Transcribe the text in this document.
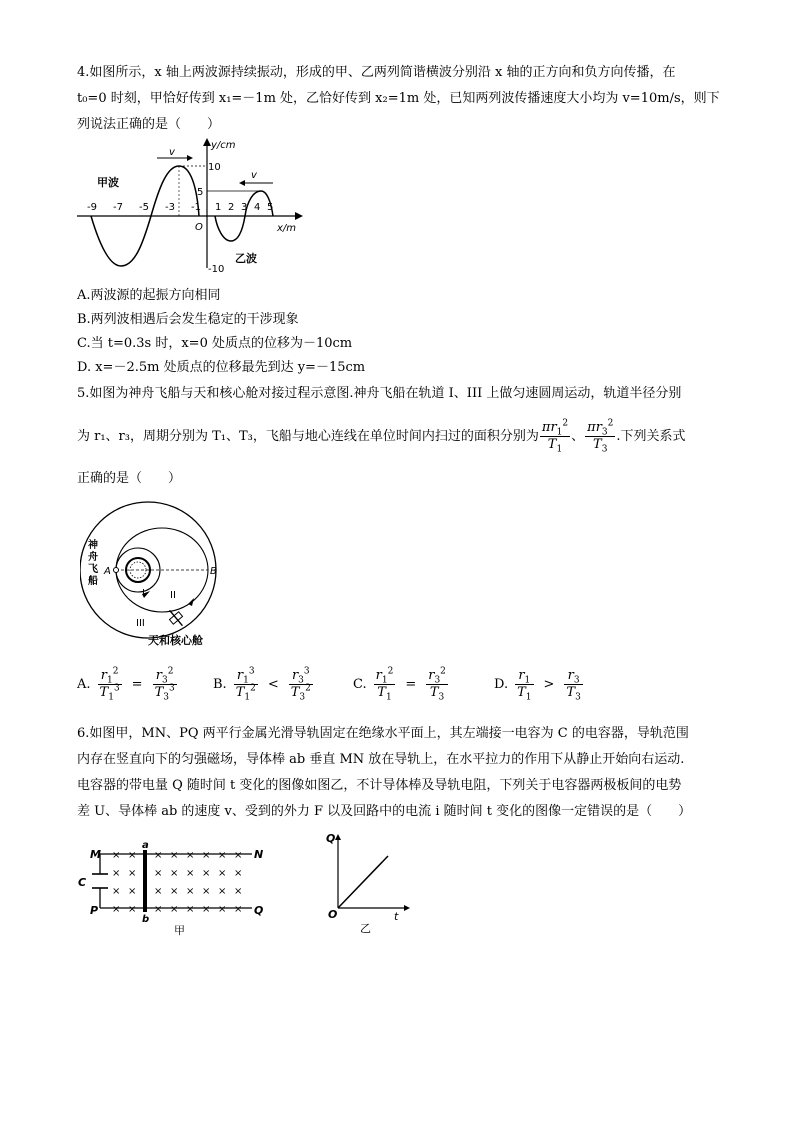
4.如图所示，x 轴上两波源持续振动，形成的甲、乙两列简谐横波分别沿 x 轴的正方向和负方向传播，在
t₀=0 时刻，甲恰好传到 x₁=－1m 处，乙恰好传到 x₂=1m 处，已知两列波传播速度大小均为 v=10m/s，则下
列说法正确的是（　　）
v
v
y/cm
x/m
O
10
5
-10
-9 -7 -5 -3 -1 1 2 3 4 5
甲波
乙波
A.两波源的起振方向相同
B.两列波相遇后会发生稳定的干涉现象
C.当 t=0.3s 时，x=0 处质点的位移为－10cm
D. x=－2.5m 处质点的位移最先到达 y=－15cm
5.如图为神舟飞船与天和核心舱对接过程示意图.神舟飞船在轨道 I、III 上做匀速圆周运动，轨道半径分别
为 r₁、r₃，周期分别为 T₁、T₃，飞船与地心连线在单位时间内扫过的面积分别为 $\frac{\pi r_1^2}{T_1}$ 、 $\frac{\pi r_3^2}{T_3}$ .下列关系式
正确的是（　　）
神舟飞船
A	B
I	II
III
天和核心舱
A. $\frac{r_1^2}{T_1^3} = \frac{r_3^2}{T_3^3}$	B. $\frac{r_1^3}{T_1^2} < \frac{r_3^3}{T_3^2}$	C. $\frac{r_1^2}{T_1} = \frac{r_3^2}{T_3}$	D. $\frac{r_1}{T_1} > \frac{r_3}{T_3}$
6.如图甲，MN、PQ 两平行金属光滑导轨固定在绝缘水平面上，其左端接一电容为 C 的电容器，导轨范围
内存在竖直向下的匀强磁场，导体棒 ab 垂直 MN 放在导轨上，在水平拉力的作用下从静止开始向右运动.
电容器的带电量 Q 随时间 t 变化的图像如图乙，不计导体棒及导轨电阻，下列关于电容器两极板间的电势
差 U、导体棒 ab 的速度 v、受到的外力 F 以及回路中的电流 i 随时间 t 变化的图像一定错误的是（　　）
× × × × × × × ×
× × × × × × × ×
× × × × × × × ×
× × × × × × × ×
M	N
P	Q
C
a
b
甲
Q
t
O
乙
